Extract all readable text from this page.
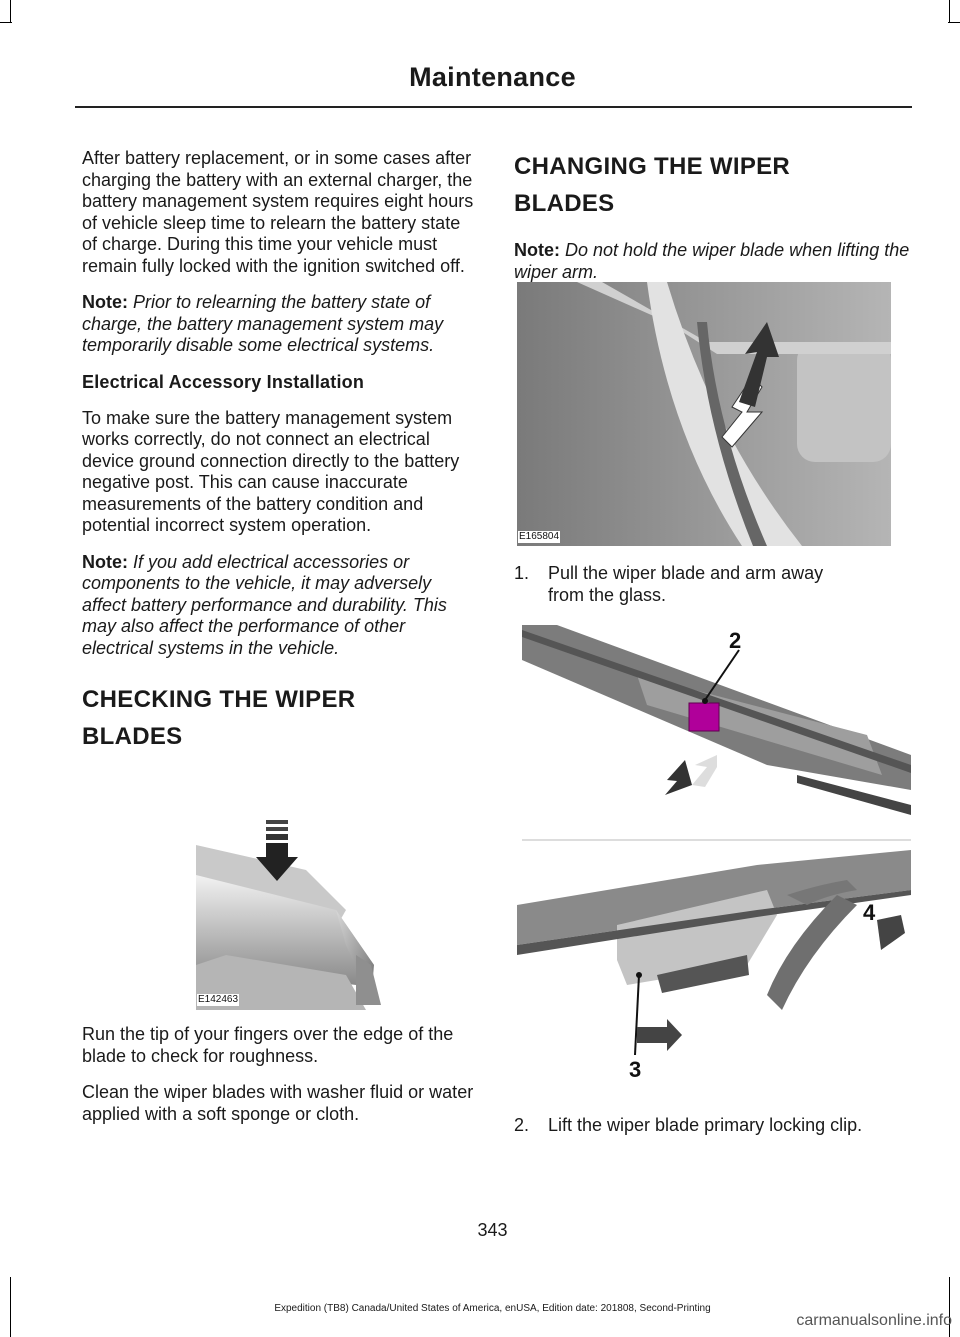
Maintenance

After battery replacement, or in some cases after charging the battery with an external charger, the battery management system requires eight hours of vehicle sleep time to relearn the battery state of charge. During this time your vehicle must remain fully locked with the ignition switched off.

Note: Prior to relearning the battery state of charge, the battery management system may temporarily disable some electrical systems.

Electrical Accessory Installation

To make sure the battery management system works correctly, do not connect an electrical device ground connection directly to the battery negative post. This can cause inaccurate measurements of the battery condition and potential incorrect system operation.

Note: If you add electrical accessories or components to the vehicle, it may adversely affect battery performance and durability. This may also affect the performance of other electrical systems in the vehicle.

CHECKING THE WIPER
BLADES
E142463

Run the tip of your fingers over the edge of the blade to check for roughness.

Clean the wiper blades with washer fluid or water applied with a soft sponge or cloth.

CHANGING THE WIPER
BLADES

Note: Do not hold the wiper blade when lifting the wiper arm.

E165804
1. Pull the wiper blade and arm away
from the glass.
2
3
4
2. Lift the wiper blade primary locking clip.
343
Expedition (TB8) Canada/United States of America, enUSA, Edition date: 201808, Second-Printing
carmanualsonline.info
